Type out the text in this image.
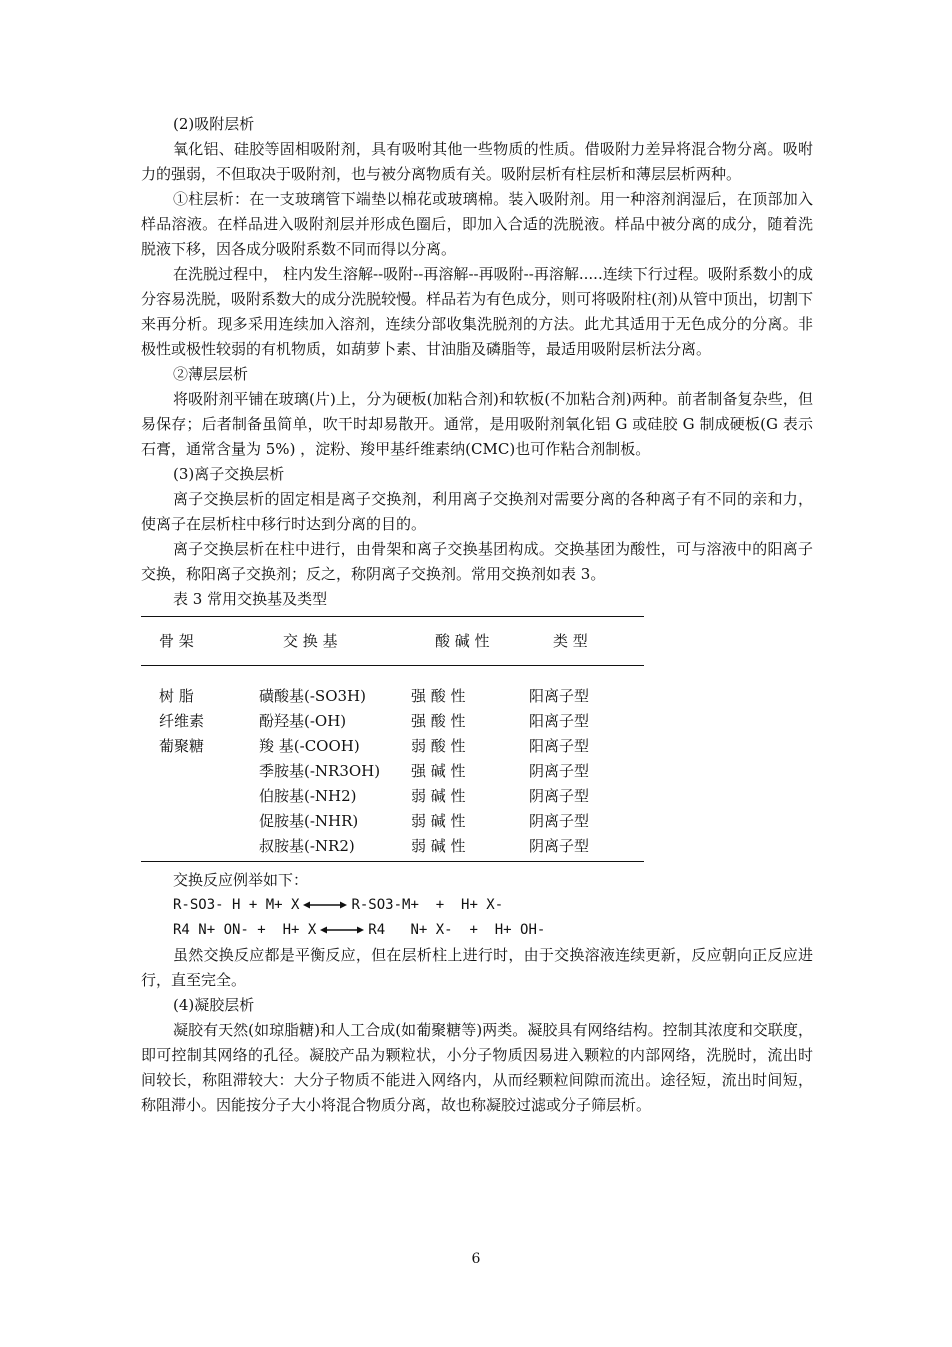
(2)吸附层析

氧化铝、硅胶等固相吸附剂，具有吸咐其他一些物质的性质。借吸附力差异将混合物分离。吸咐力的强弱，不但取决于吸附剂，也与被分离物质有关。吸附层析有柱层析和薄层层析两种。

①柱层析：在一支玻璃管下端垫以棉花或玻璃棉。装入吸附剂。用一种溶剂润湿后，在顶部加入样品溶液。在样品进入吸附剂层并形成色圈后，即加入合适的洗脱液。样品中被分离的成分，随着洗脱液下移，因各成分吸附系数不同而得以分离。

在洗脱过程中， 柱内发生溶解--吸附--再溶解--再吸附--再溶解.....连续下行过程。吸附系数小的成分容易洗脱，吸附系数大的成分洗脱较慢。样品若为有色成分，则可将吸附柱(剂)从管中顶出，切割下来再分析。现多采用连续加入溶剂，连续分部收集洗脱剂的方法。此尤其适用于无色成分的分离。非极性或极性较弱的有机物质，如葫萝卜素、甘油脂及磷脂等，最适用吸附层析法分离。

②薄层层析

将吸附剂平铺在玻璃(片)上，分为硬板(加粘合剂)和软板(不加粘合剂)两种。前者制备复杂些，但易保存；后者制备虽简单，吹干时却易散开。通常，是用吸附剂氧化铝 G 或硅胶 G 制成硬板(G 表示石膏，通常含量为 5%) ，淀粉、羧甲基纤维素纳(CMC)也可作粘合剂制板。

(3)离子交换层析

离子交换层析的固定相是离子交换剂，利用离子交换剂对需要分离的各种离子有不同的亲和力，使离子在层析柱中移行时达到分离的目的。

离子交换层析在柱中进行，由骨架和离子交换基团构成。交换基团为酸性，可与溶液中的阳离子交换，称阳离子交换剂；反之，称阴离子交换剂。常用交换剂如表 3。

表 3 常用交换基及类型
骨 架	交 换 基	酸 碱 性	类 型

树 脂	磺酸基(-SO3H)	强 酸 性	阳离子型
纤维素	酚羟基(-OH)	强 酸 性	阳离子型
葡聚糖	羧 基(-COOH)	弱 酸 性	阳离子型
	季胺基(-NR3OH)	强 碱 性	阴离子型
	伯胺基(-NH2)	弱 碱 性	阴离子型
	促胺基(-NHR)	弱 碱 性	阴离子型
	叔胺基(-NR2)	弱 碱 性	阴离子型

交换反应例举如下：

R-SO3- H + M+ X	R-SO3-M+  +  H+ X-
R4 N+ ON- +  H+ X	R4   N+ X-  +  H+ OH-

虽然交换反应都是平衡反应，但在层析柱上进行时，由于交换溶液连续更新，反应朝向正反应进行，直至完全。

(4)凝胶层析

凝胶有天然(如琼脂糖)和人工合成(如葡聚糖等)两类。凝胶具有网络结构。控制其浓度和交联度，即可控制其网络的孔径。凝胶产品为颗粒状，小分子物质因易进入颗粒的内部网络，洗脱时，流出时间较长，称阻滞较大：大分子物质不能进入网络内，从而经颗粒间隙而流出。途径短，流出时间短，称阻滞小。因能按分子大小将混合物质分离，故也称凝胶过滤或分子筛层析。

6
